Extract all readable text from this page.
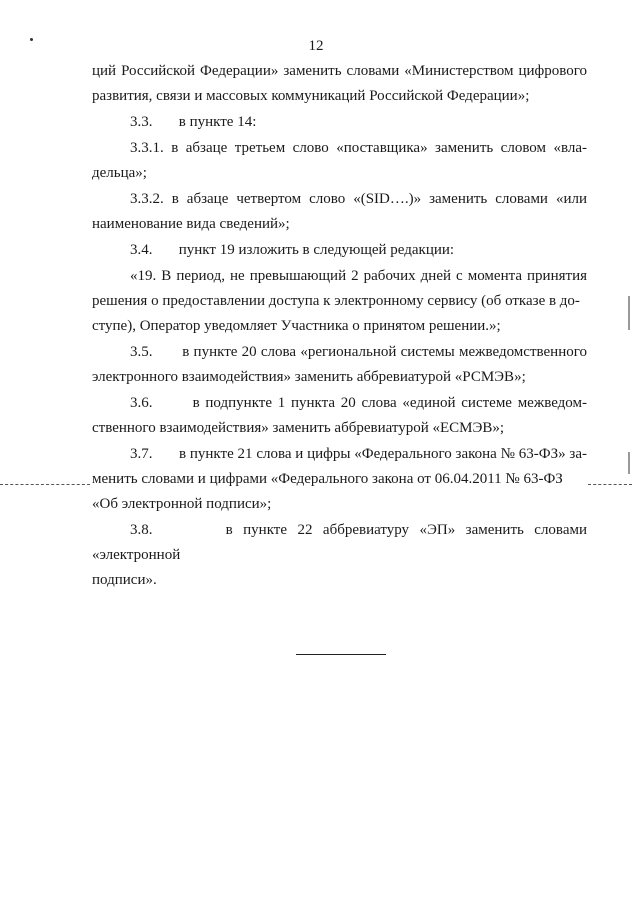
12
ций Российской Федерации» заменить словами «Министерством цифрового
развития, связи и массовых коммуникаций Российской Федерации»;
3.3.       в пункте 14:
3.3.1. в абзаце третьем слово «поставщика» заменить словом «вла-
дельца»;
3.3.2. в абзаце четвертом слово «(SID….)» заменить словами «или
наименование вида сведений»;
3.4.       пункт 19 изложить в следующей редакции:
«19. В период, не превышающий 2 рабочих дней с момента принятия
решения о предоставлении доступа к электронному сервису (об отказе в до-
ступе), Оператор уведомляет Участника о принятом решении.»;
3.5.       в пункте 20 слова «региональной системы межведомственного
электронного взаимодействия» заменить аббревиатурой «РСМЭВ»;
3.6.       в подпункте 1 пункта 20 слова «единой системе межведом-
ственного взаимодействия» заменить аббревиатурой «ЕСМЭВ»;
3.7.       в пункте 21 слова и цифры «Федерального закона № 63-ФЗ» за-
менить словами и цифрами «Федерального закона от 06.04.2011 № 63-ФЗ
«Об электронной подписи»;
3.8.       в пункте 22 аббревиатуру «ЭП» заменить словами «электронной
подписи».
